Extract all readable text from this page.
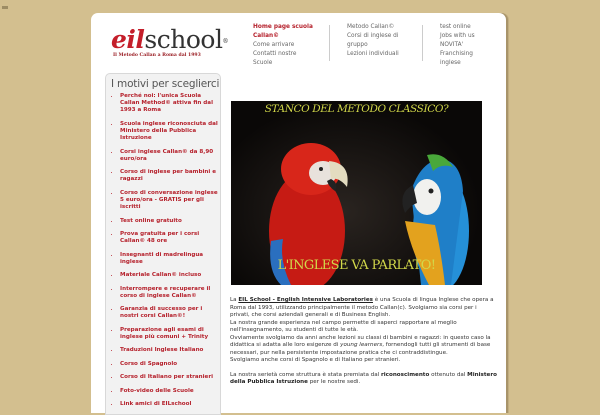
eilschool®
Il Metodo Callan a Roma dal 1993
Home page scuola
Callan©
Come arrivare
Contatti nostre
Scuole
Metodo Callan©
Corsi di inglese di
gruppo
Lezioni individuali
test online
Jobs with us
NOVITA'
Franchising
inglese
I motivi per sceglierci
• Perché noi: l'unica Scuola Callan Method© attiva fin dal 1993 a Roma
• Scuola inglese riconosciuta dal Ministero della Pubblica Istruzione
• Corsi inglese Callan© da 8,90 euro/ora
• Corso di inglese per bambini e ragazzi
• Corso di conversazione inglese 5 euro/ora - GRATIS per gli iscritti
• Test online gratuito
• Prova gratuita per i corsi Callan© 48 ore
• Insegnanti di madrelingua inglese
• Materiale Callan© incluso
• Interrompere e recuperare il corso di inglese Callan©
• Garanzia di successo per i nostri corsi Callan©!
• Preparazione agli esami di inglese più comuni + Trinity
• Traduzioni Inglese Italiano
• Corso di Spagnolo
• Corso di Italiano per stranieri
• Foto-video delle Scuole
• Link amici di EILschool
STANCO DEL METODO CLASSICO?
L'INGLESE VA PARLATO!

La EIL School - English Intensive Laboratories è una Scuola di lingua Inglese che opera a Roma dal 1993, utilizzando principalmente il metodo Callan(c). Svolgiamo sia corsi per i privati, che corsi aziendali generali e di Business English.
La nostra grande esperienza nel campo permette di saperci rapportare al meglio nell'insegnamento, su studenti di tutte le età.
Ovviamente svolgiamo da anni anche lezioni su classi di bambini e ragazzi: in questo caso la didattica si adatta alle loro esigenze di young learners, fornendogli tutti gli strumenti di base necessari, pur nella persistente impostazione pratica che ci contraddistingue.
Svolgiamo anche corsi di Spagnolo e di Italiano per stranieri.

La nostra serietà come struttura è stata premiata dal riconoscimento ottenuto dal Ministero della Pubblica Istruzione per le nostre sedi.
